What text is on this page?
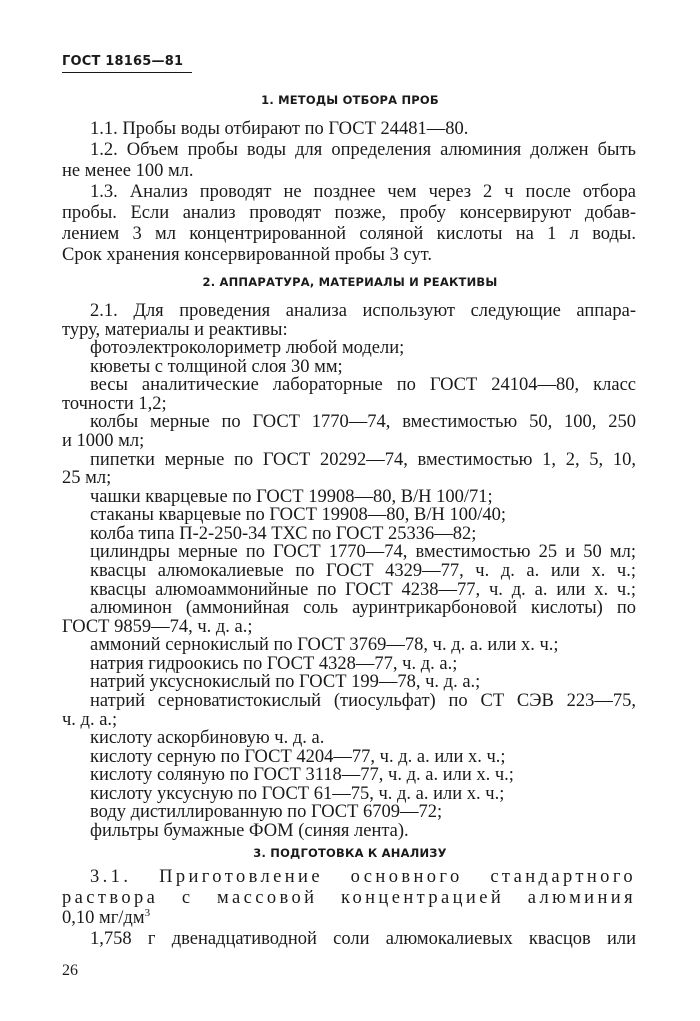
ГОСТ 18165—81
1. МЕТОДЫ ОТБОРА ПРОБ
1.1. Пробы воды отбирают по ГОСТ 24481—80.
1.2. Объем пробы воды для определения алюминия должен быть
не менее 100 мл.
1.3. Анализ проводят не позднее чем через 2 ч после отбора
пробы. Если анализ проводят позже, пробу консервируют добав-
лением 3 мл концентрированной соляной кислоты на 1 л воды.
Срок хранения консервированной пробы 3 сут.
2. АППАРАТУРА, МАТЕРИАЛЫ И РЕАКТИВЫ
2.1. Для проведения анализа используют следующие аппара-
туру, материалы и реактивы:
фотоэлектроколориметр любой модели;
кюветы с толщиной слоя 30 мм;
весы аналитические лабораторные по ГОСТ 24104—80, класс
точности 1,2;
колбы мерные по ГОСТ 1770—74, вместимостью 50, 100, 250
и 1000 мл;
пипетки мерные по ГОСТ 20292—74, вместимостью 1, 2, 5, 10,
25 мл;
чашки кварцевые по ГОСТ 19908—80, В/Н 100/71;
стаканы кварцевые по ГОСТ 19908—80, В/Н 100/40;
колба типа П-2-250-34 ТХС по ГОСТ 25336—82;
цилиндры мерные по ГОСТ 1770—74, вместимостью 25 и 50 мл;
квасцы алюмокалиевые по ГОСТ 4329—77, ч. д. а. или х. ч.;
квасцы алюмоаммонийные по ГОСТ 4238—77, ч. д. а. или х. ч.;
алюминон (аммонийная соль ауринтрикарбоновой кислоты) по
ГОСТ 9859—74, ч. д. а.;
аммоний сернокислый по ГОСТ 3769—78, ч. д. а. или х. ч.;
натрия гидроокись по ГОСТ 4328—77, ч. д. а.;
натрий уксуснокислый по ГОСТ 199—78, ч. д. а.;
натрий серноватистокислый (тиосульфат) по СТ СЭВ 223—75,
ч. д. а.;
кислоту аскорбиновую ч. д. а.
кислоту серную по ГОСТ 4204—77, ч. д. а. или х. ч.;
кислоту соляную по ГОСТ 3118—77, ч. д. а. или х. ч.;
кислоту уксусную по ГОСТ 61—75, ч. д. а. или х. ч.;
воду дистиллированную по ГОСТ 6709—72;
фильтры бумажные ФОМ (синяя лента).
3. ПОДГОТОВКА К АНАЛИЗУ
3.1. Приготовление основного стандартного
раствора с массовой концентрацией алюминия
0,10 $мг/дм^3$
1,758 г двенадцативодной соли алюмокалиевых квасцов или
26
